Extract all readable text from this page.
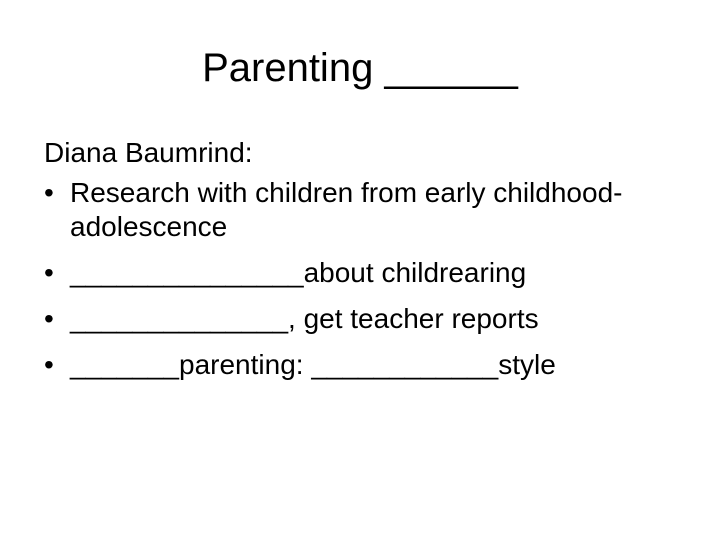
Parenting ______
Diana Baumrind:
• Research with children from early childhood-adolescence
• _______________about childrearing
• ______________, get teacher reports
• _______parenting: ____________style
